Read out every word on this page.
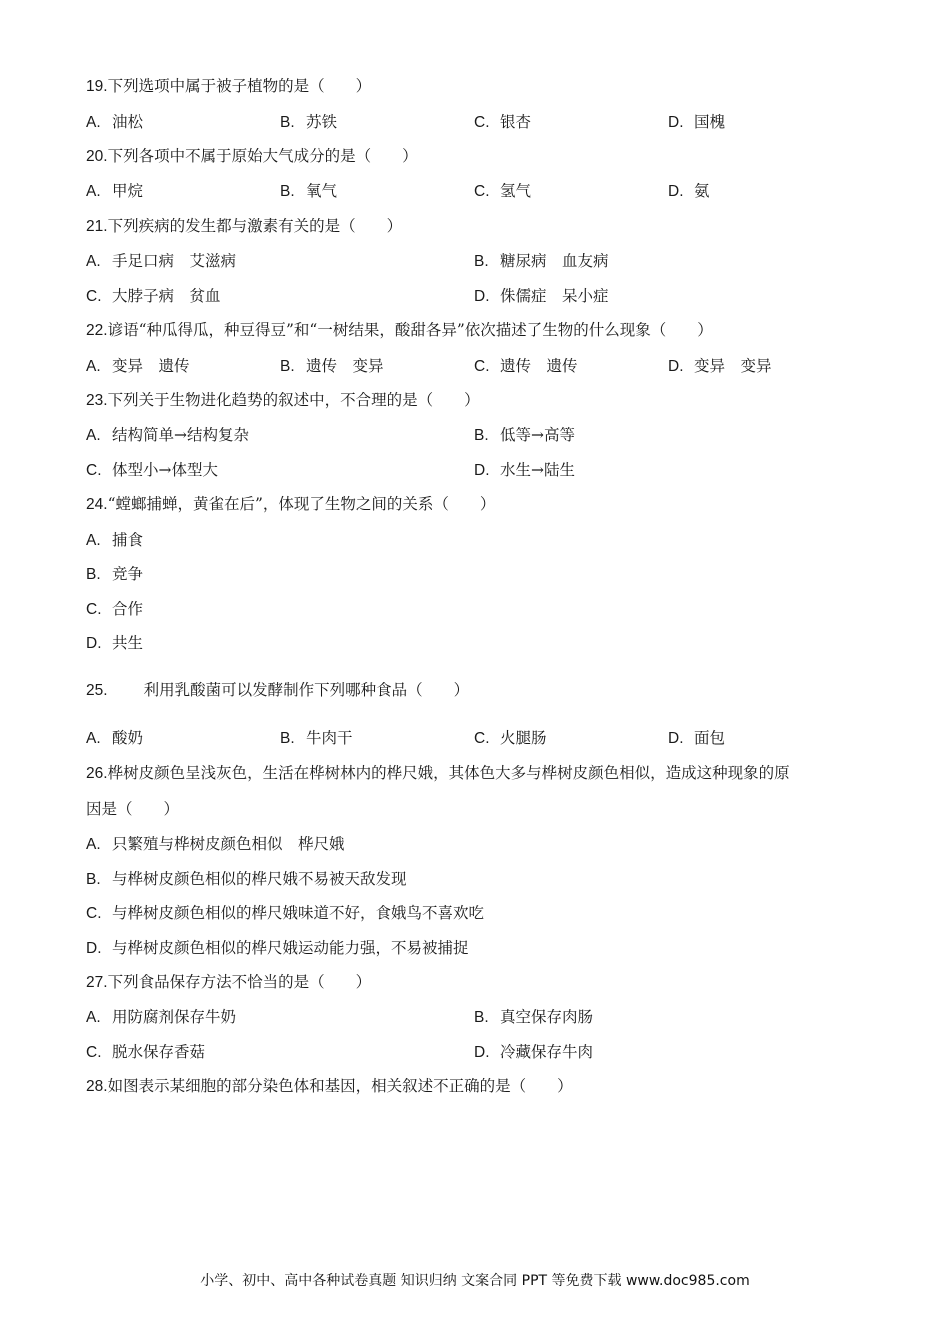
19.下列选项中属于被子植物的是（　　）
A. 油松	B. 苏铁	C. 银杏	D. 国槐
20.下列各项中不属于原始大气成分的是（　　）
A. 甲烷	B. 氧气	C. 氢气	D. 氨
21.下列疾病的发生都与激素有关的是（　　）
A. 手足口病　艾滋病	B. 糖尿病　血友病
C. 大脖子病　贫血	D. 侏儒症　呆小症
22.谚语“种瓜得瓜，种豆得豆”和“一树结果，酸甜各异”依次描述了生物的什么现象（　　）
A. 变异　遗传	B. 遗传　变异	C. 遗传　遗传	D. 变异　变异
23.下列关于生物进化趋势的叙述中，不合理的是（　　）
A. 结构简单→结构复杂	B. 低等→高等
C. 体型小→体型大	D. 水生→陆生
24.“螳螂捕蝉，黄雀在后”，体现了生物之间的关系（　　）
A. 捕食
B. 竞争
C. 合作
D. 共生
25. 利用乳酸菌可以发酵制作下列哪种食品（　　）
A. 酸奶	B. 牛肉干	C. 火腿肠	D. 面包
26.桦树皮颜色呈浅灰色，生活在桦树林内的桦尺娥，其体色大多与桦树皮颜色相似，造成这种现象的原
因是（　　）
A. 只繁殖与桦树皮颜色相似　桦尺娥
B. 与桦树皮颜色相似的桦尺娥不易被天敌发现
C. 与桦树皮颜色相似的桦尺娥味道不好，食娥鸟不喜欢吃
D. 与桦树皮颜色相似的桦尺娥运动能力强，不易被捕捉
27.下列食品保存方法不恰当的是（　　）
A. 用防腐剂保存牛奶	B. 真空保存肉肠
C. 脱水保存香菇	D. 冷藏保存牛肉
28.如图表示某细胞的部分染色体和基因，相关叙述不正确的是（　　）
小学、初中、高中各种试卷真题 知识归纳 文案合同 PPT 等免费下载 www.doc985.com
